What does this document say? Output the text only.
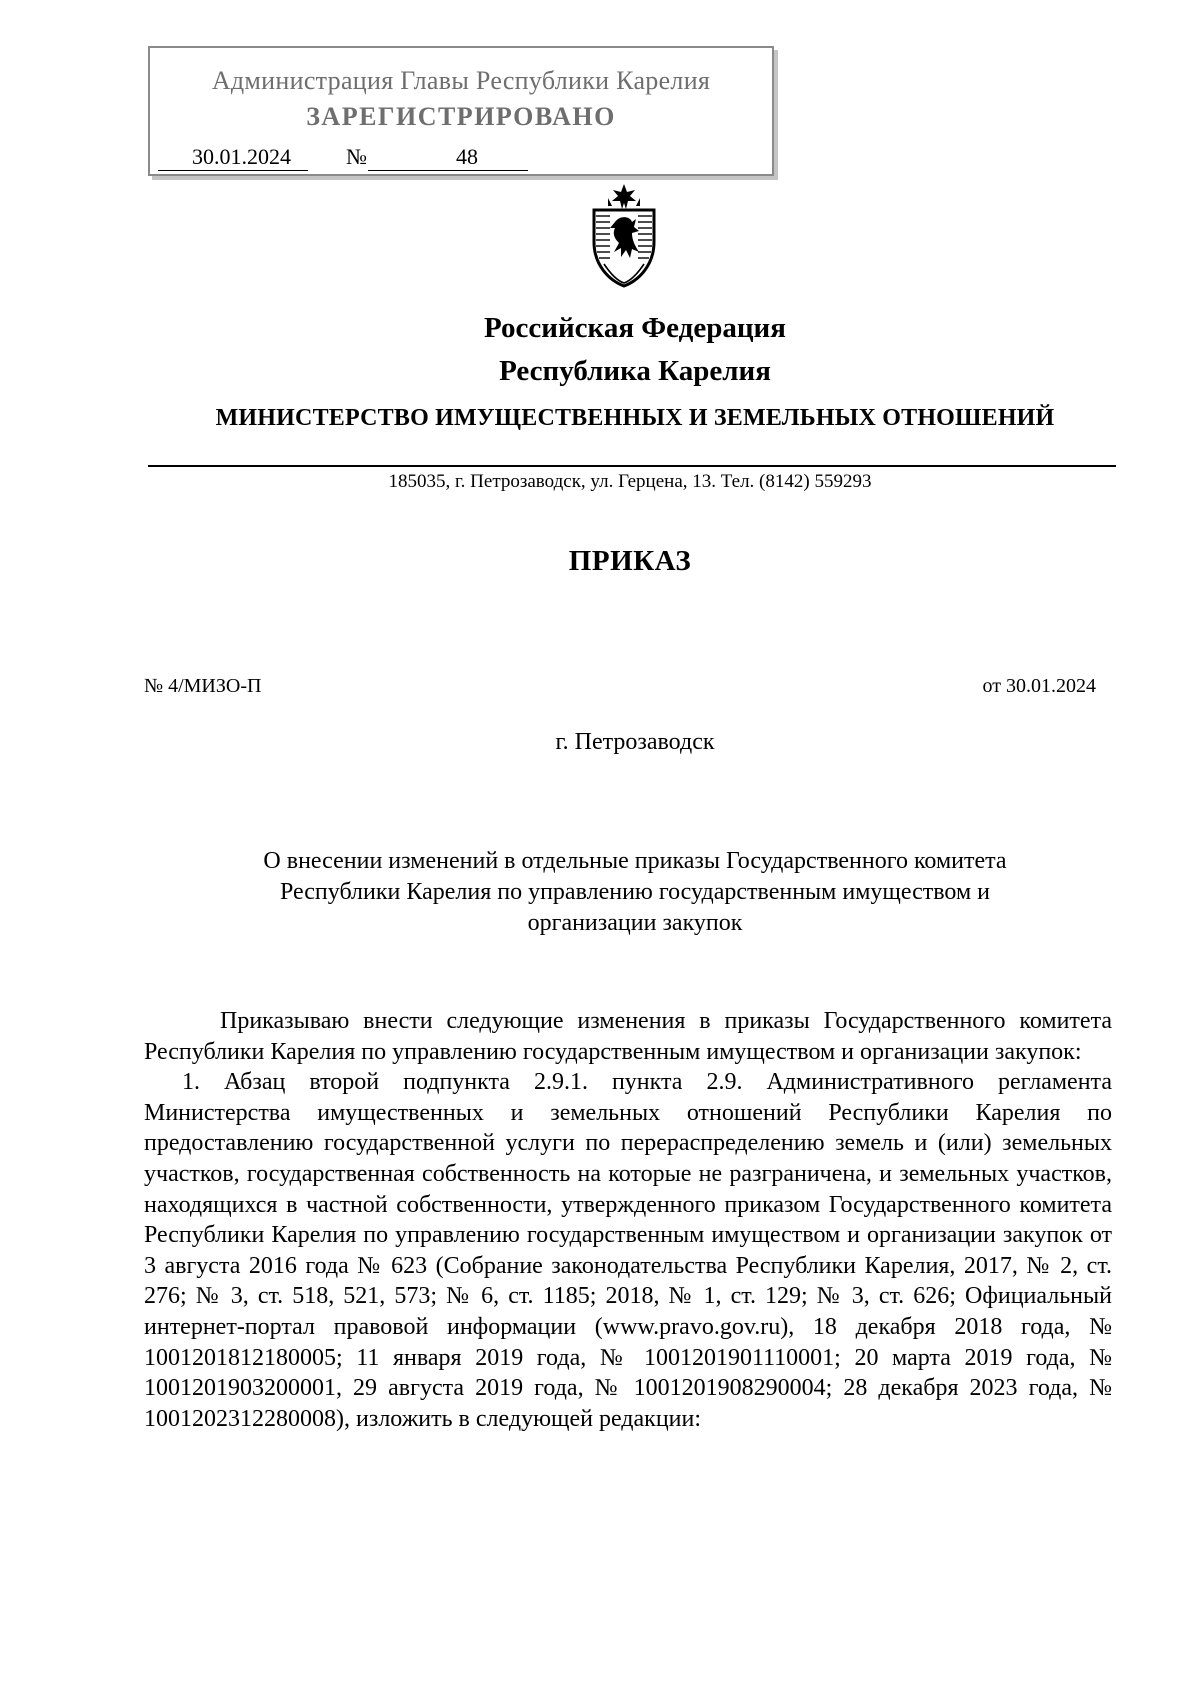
Администрация Главы Республики Карелия
ЗАРЕГИСТРИРОВАНО
30.01.2024	№	48
Российская Федерация
Республика Карелия
МИНИСТЕРСТВО ИМУЩЕСТВЕННЫХ И ЗЕМЕЛЬНЫХ ОТНОШЕНИЙ
185035, г. Петрозаводск, ул. Герцена, 13. Тел. (8142) 559293
ПРИКАЗ
№ 4/МИЗО-П	от 30.01.2024
г. Петрозаводск
О внесении изменений в отдельные приказы Государственного комитета
Республики Карелия по управлению государственным имуществом и
организации закупок

Приказываю внести следующие изменения в приказы Государственного комитета Республики Карелия по управлению государственным имуществом и организации закупок:

1. Абзац второй подпункта 2.9.1. пункта 2.9. Административного регламента Министерства имущественных и земельных отношений Республики Карелия по предоставлению государственной услуги по перераспределению земель и (или) земельных участков, государственная собственность на которые не разграничена, и земельных участков, находящихся в частной собственности, утвержденного приказом Государственного комитета Республики Карелия по управлению государственным имуществом и организации закупок от 3 августа 2016 года № 623 (Собрание законодательства Республики Карелия, 2017, № 2, ст. 276; № 3, ст. 518, 521, 573; № 6, ст. 1185; 2018, № 1, ст. 129; № 3, ст. 626; Официальный интернет-портал правовой информации (www.pravo.gov.ru), 18 декабря 2018 года, № 1001201812180005; 11 января 2019 года, № 1001201901110001; 20 марта 2019 года, № 1001201903200001, 29 августа 2019 года, № 1001201908290004; 28 декабря 2023 года, № 1001202312280008), изложить в следующей редакции:
